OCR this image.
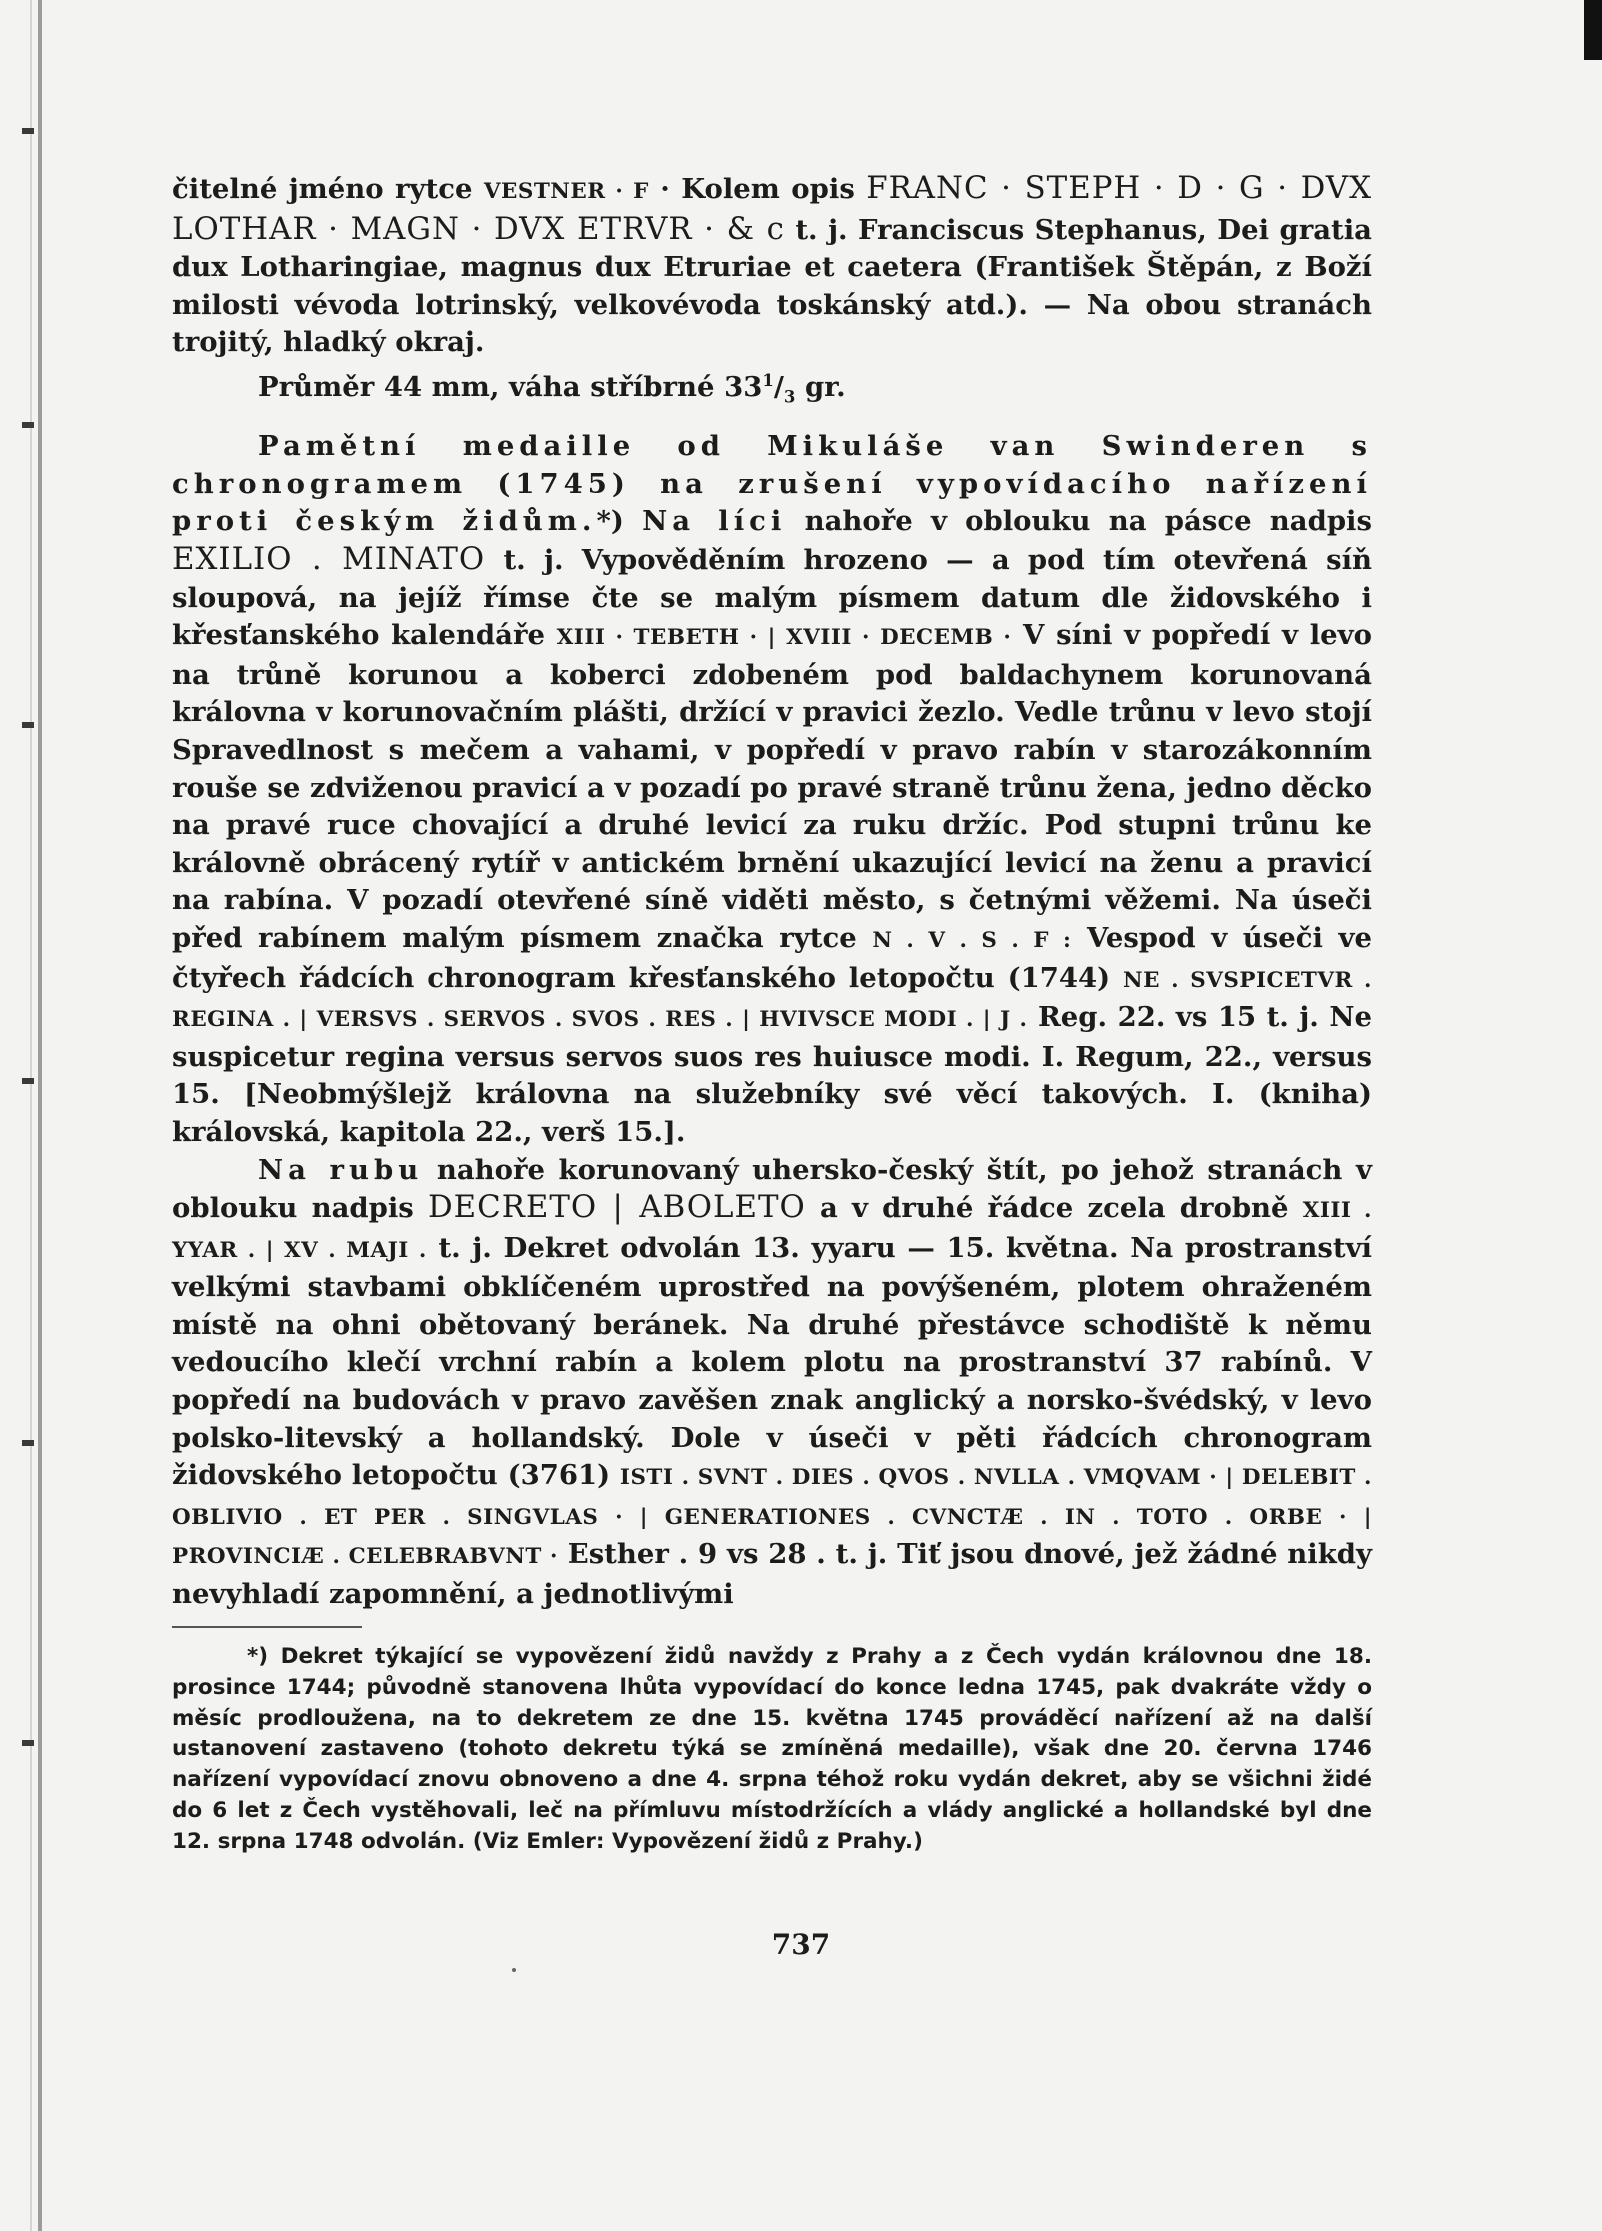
čitelné jméno rytce VESTNER · F · Kolem opis FRANC · STEPH · D · G · DVX LOTHAR · MAGN · DVX ETRVR · & c t. j. Franciscus Stephanus, Dei gratia dux Lotharingiae, magnus dux Etruriae et caetera (František Štěpán, z Boží milosti vévoda lotrinský, velkovévoda toskánský atd.). — Na obou stranách trojitý, hladký okraj.

Průměr 44 mm, váha stříbrné $33^1/_3$ gr.

Pamětní medaille od Mikuláše van Swinderen s chronogramem (1745) na zrušení vypovídacího nařízení proti českým židům.*) Na líci nahoře v oblouku na pásce nadpis EXILIO . MINATO t. j. Vypověděním hrozeno — a pod tím otevřená síň sloupová, na jejíž římse čte se malým písmem datum dle židovského i křesťanského kalendáře XIII · TEBETH · | XVIII · DECEMB · V síni v popředí v levo na trůně korunou a koberci zdobeném pod baldachynem korunovaná královna v korunovačním plášti, držící v pravici žezlo. Vedle trůnu v levo stojí Spravedlnost s mečem a vahami, v popředí v pravo rabín v starozákonním rouše se zdviženou pravicí a v pozadí po pravé straně trůnu žena, jedno děcko na pravé ruce chovající a druhé levicí za ruku držíc. Pod stupni trůnu ke královně obrácený rytíř v antickém brnění ukazující levicí na ženu a pravicí na rabína. V pozadí otevřené síně viděti město, s četnými věžemi. Na úseči před rabínem malým písmem značka rytce N . V . S . F : Vespod v úseči ve čtyřech řádcích chronogram křesťanského letopočtu (1744) NE . SVSPICETVR . REGINA . | VERSVS . SERVOS . SVOS . RES . | HVIVSCE MODI . | J . Reg. 22. vs 15 t. j. Ne suspicetur regina versus servos suos res huiusce modi. I. Regum, 22., versus 15. [Neobmýšlejž královna na služebníky své věcí takových. I. (kniha) královská, kapitola 22., verš 15.].

Na rubu nahoře korunovaný uhersko-český štít, po jehož stranách v oblouku nadpis DECRETO | ABOLETO a v druhé řádce zcela drobně XIII . YYAR . | XV . MAJI . t. j. Dekret odvolán 13. yyaru — 15. května. Na prostranství velkými stavbami obklíčeném uprostřed na povýšeném, plotem ohraženém místě na ohni obětovaný beránek. Na druhé přestávce schodiště k němu vedoucího klečí vrchní rabín a kolem plotu na prostranství 37 rabínů. V popředí na budovách v pravo zavěšen znak anglický a norsko-švédský, v levo polsko-litevský a hollandský. Dole v úseči v pěti řádcích chronogram židovského letopočtu (3761) ISTI . SVNT . DIES . QVOS . NVLLA . VMQVAM · | DELEBIT . OBLIVIO . ET PER . SINGVLAS · | GENERATIONES . CVNCTÆ . IN . TOTO . ORBE · | PROVINCIÆ . CELEBRABVNT · Esther . 9 vs 28 . t. j. Tiť jsou dnové, jež žádné nikdy nevyhladí zapomnění, a jednotlivými

*) Dekret týkající se vypovězení židů navždy z Prahy a z Čech vydán královnou dne 18. prosince 1744; původně stanovena lhůta vypovídací do konce ledna 1745, pak dvakráte vždy o měsíc prodloužena, na to dekretem ze dne 15. května 1745 prováděcí nařízení až na další ustanovení zastaveno (tohoto dekretu týká se zmíněná medaille), však dne 20. června 1746 nařízení vypovídací znovu obnoveno a dne 4. srpna téhož roku vydán dekret, aby se všichni židé do 6 let z Čech vystěhovali, leč na přímluvu místodržících a vlády anglické a hollandské byl dne 12. srpna 1748 odvolán. (Viz Emler: Vypovězení židů z Prahy.)

737
